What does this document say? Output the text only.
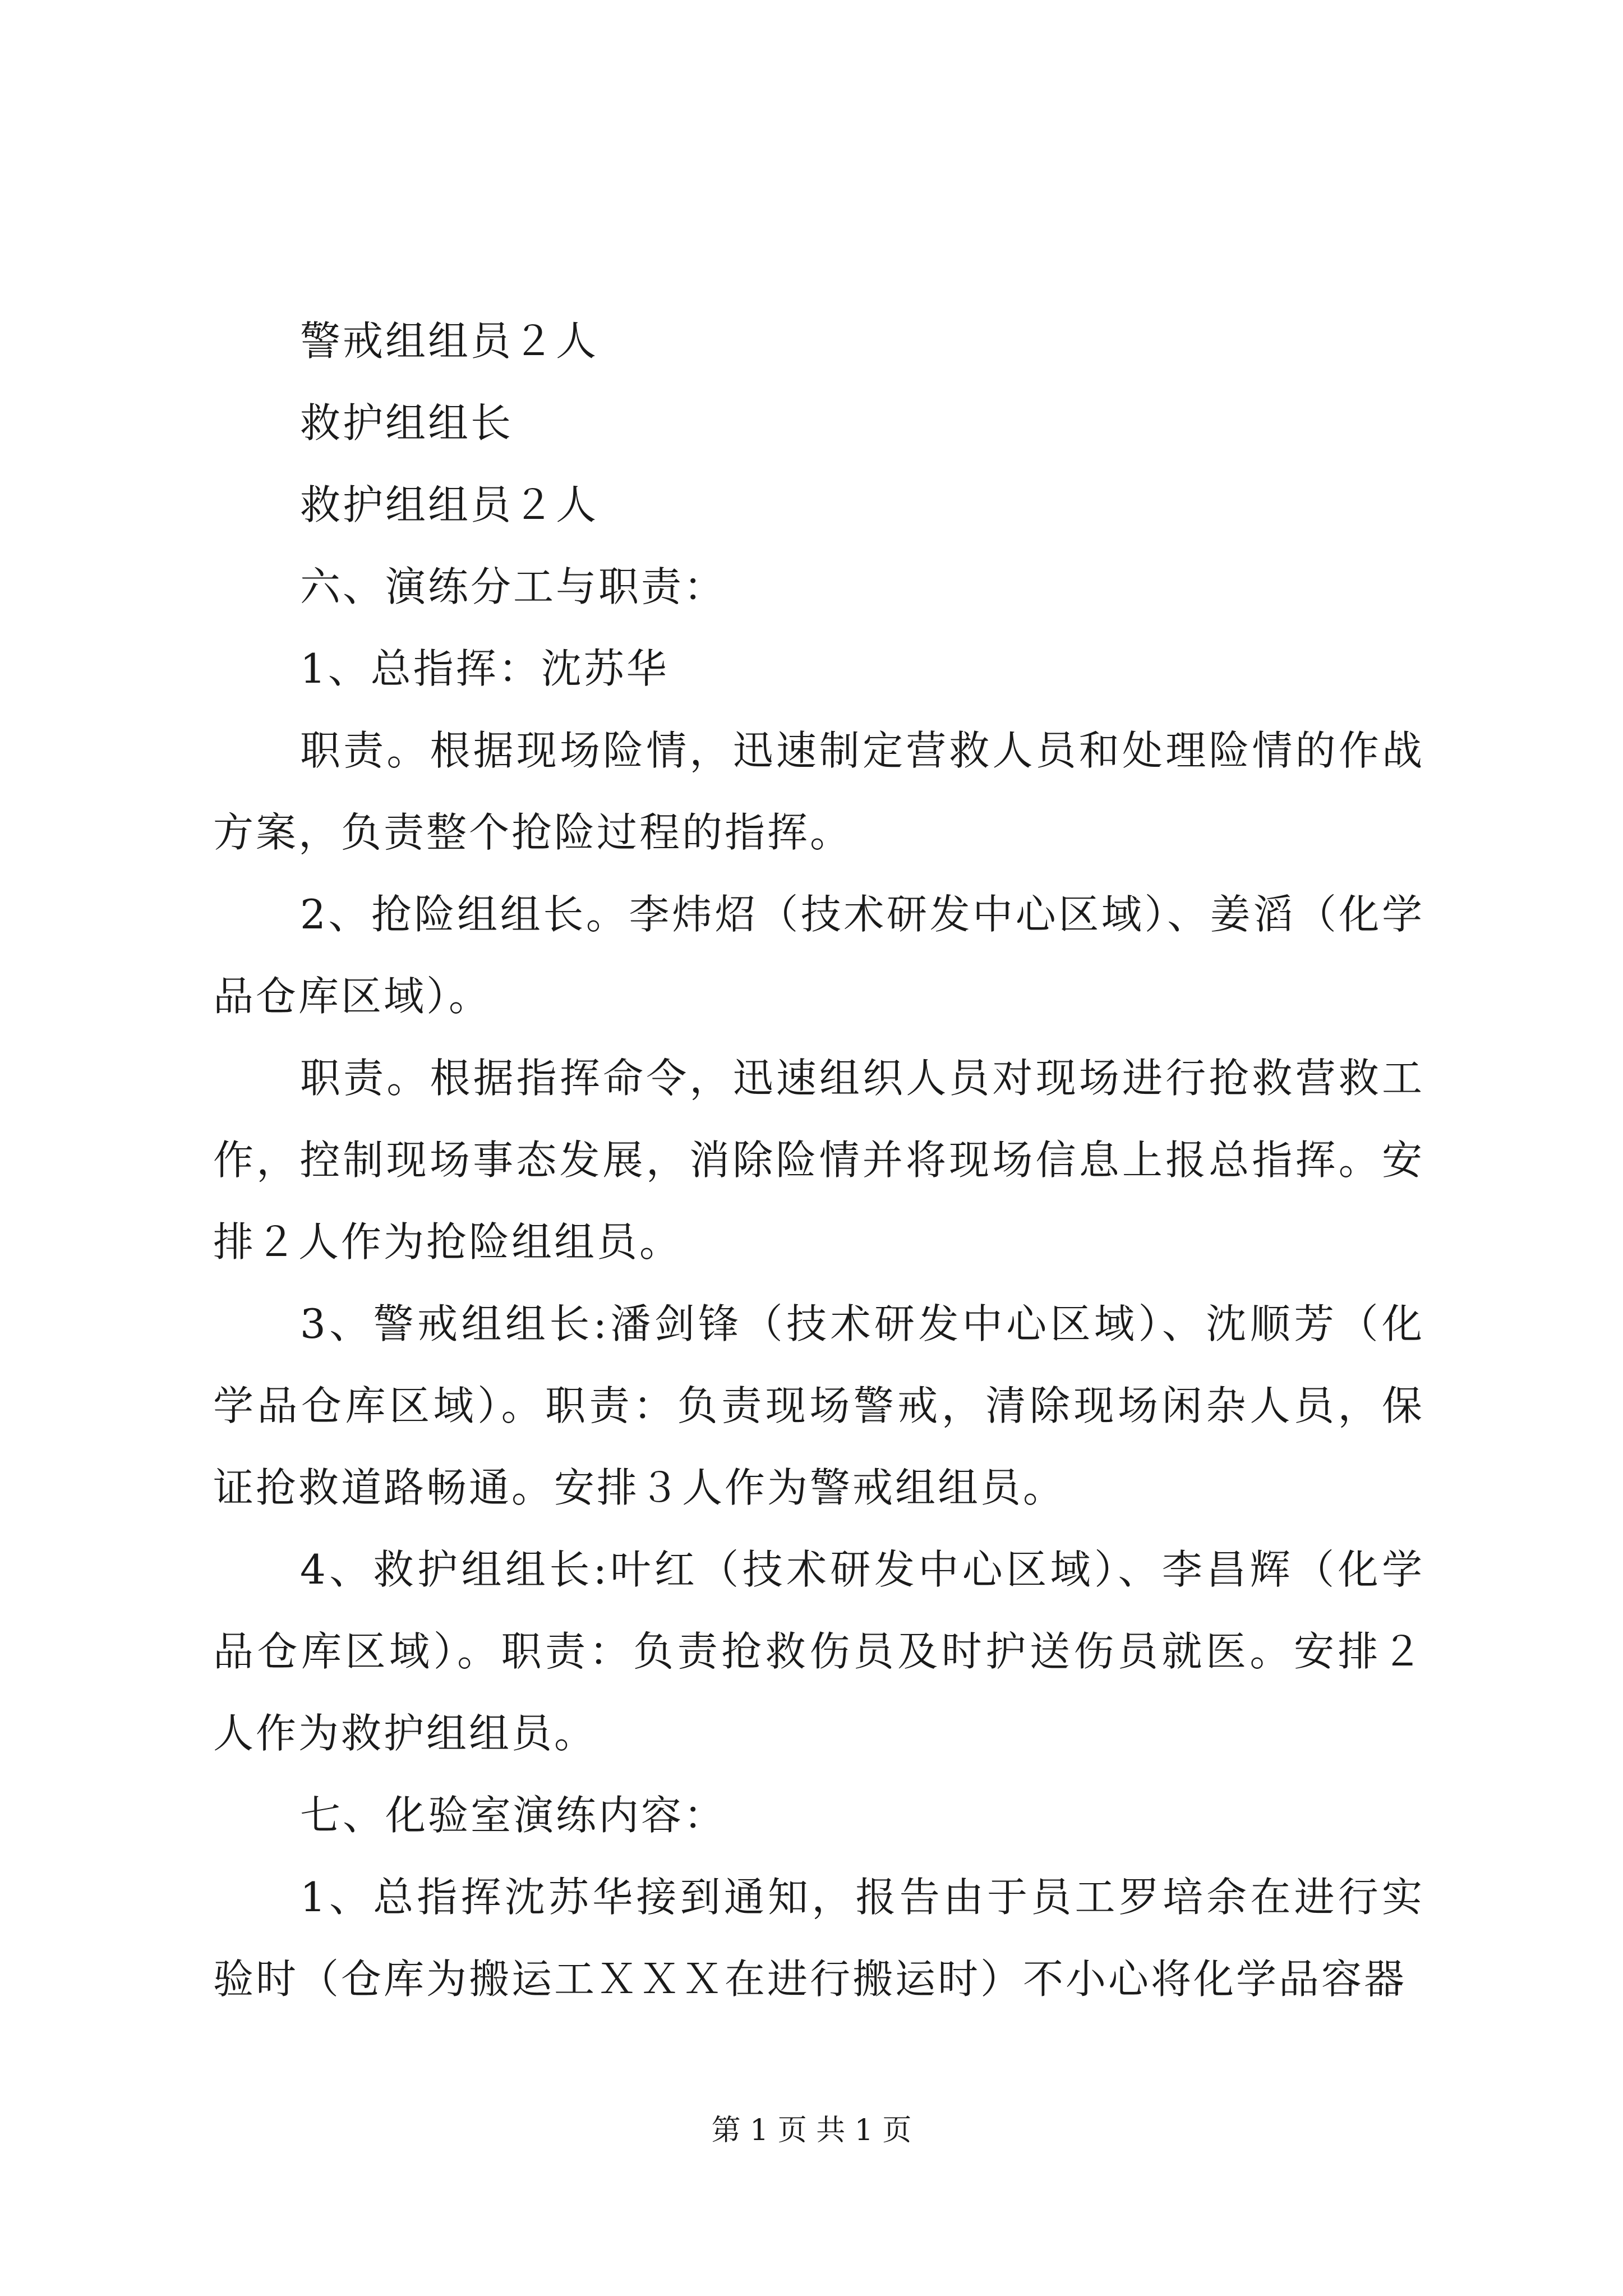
警戒组组员２人

救护组组长

救护组组员２人

六、演练分工与职责：

1、总指挥：沈苏华

职责。根据现场险情，迅速制定营救人员和处理险情的作战方案，负责整个抢险过程的指挥。

2、抢险组组长。李炜炤（技术研发中心区域）、姜滔（化学品仓库区域）。

职责。根据指挥命令，迅速组织人员对现场进行抢救营救工作，控制现场事态发展，消除险情并将现场信息上报总指挥。安排２人作为抢险组组员。

3、警戒组组长:潘剑锋（技术研发中心区域）、沈顺芳（化学品仓库区域）。职责：负责现场警戒，清除现场闲杂人员，保证抢救道路畅通。安排３人作为警戒组组员。

4、救护组组长:叶红（技术研发中心区域）、李昌辉（化学品仓库区域）。职责：负责抢救伤员及时护送伤员就医。安排２人作为救护组组员。

七、化验室演练内容：

1、总指挥沈苏华接到通知，报告由于员工罗培余在进行实验时（仓库为搬运工ＸＸＸ在进行搬运时）不小心将化学品容器

第 1 页 共 1 页
